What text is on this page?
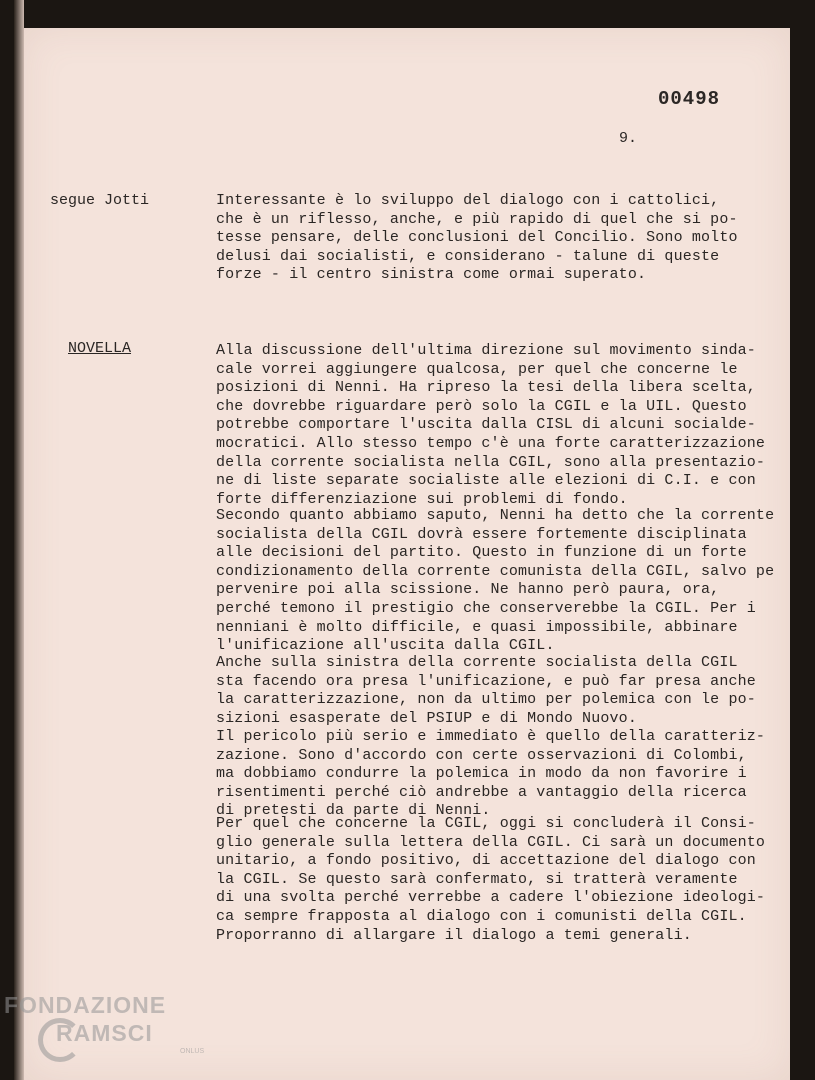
00498
9.
segue Jotti	Interessante è lo sviluppo del dialogo con i cattolici,
che è un riflesso, anche, e più rapido di quel che si po-
tesse pensare, delle conclusioni del Concilio. Sono molto
delusi dai socialisti, e considerano - talune di queste
forze - il centro sinistra come ormai superato.

NOVELLA	Alla discussione dell'ultima direzione sul movimento sinda-
cale vorrei aggiungere qualcosa, per quel che concerne le
posizioni di Nenni. Ha ripreso la tesi della libera scelta,
che dovrebbe riguardare però solo la CGIL e la UIL. Questo
potrebbe comportare l'uscita dalla CISL di alcuni socialde-
mocratici. Allo stesso tempo c'è una forte caratterizzazione
della corrente socialista nella CGIL, sono alla presentazio-
ne di liste separate socialiste alle elezioni di C.I. e con
forte differenziazione sui problemi di fondo.

Secondo quanto abbiamo saputo, Nenni ha detto che la corrente
socialista della CGIL dovrà essere fortemente disciplinata
alle decisioni del partito. Questo in funzione di un forte
condizionamento della corrente comunista della CGIL, salvo pe
pervenire poi alla scissione. Ne hanno però paura, ora,
perché temono il prestigio che conserverebbe la CGIL. Per i
nenniani è molto difficile, e quasi impossibile, abbinare
l'unificazione all'uscita dalla CGIL.

Anche sulla sinistra della corrente socialista della CGIL
sta facendo ora presa l'unificazione, e può far presa anche
la caratterizzazione, non da ultimo per polemica con le po-
sizioni esasperate del PSIUP e di Mondo Nuovo.

Il pericolo più serio e immediato è quello della caratteriz-
zazione. Sono d'accordo con certe osservazioni di Colombi,
ma dobbiamo condurre la polemica in modo da non favorire i
risentimenti perché ciò andrebbe a vantaggio della ricerca
di pretesti da parte di Nenni.

Per quel che concerne la CGIL, oggi si concluderà il Consi-
glio generale sulla lettera della CGIL. Ci sarà un documento
unitario, a fondo positivo, di accettazione del dialogo con
la CGIL. Se questo sarà confermato, si tratterà veramente
di una svolta perché verrebbe a cadere l'obiezione ideologi-
ca sempre frapposta al dialogo con i comunisti della CGIL.
Proporranno di allargare il dialogo a temi generali.

FONDAZIONE
RAMSCI
ONLUS
